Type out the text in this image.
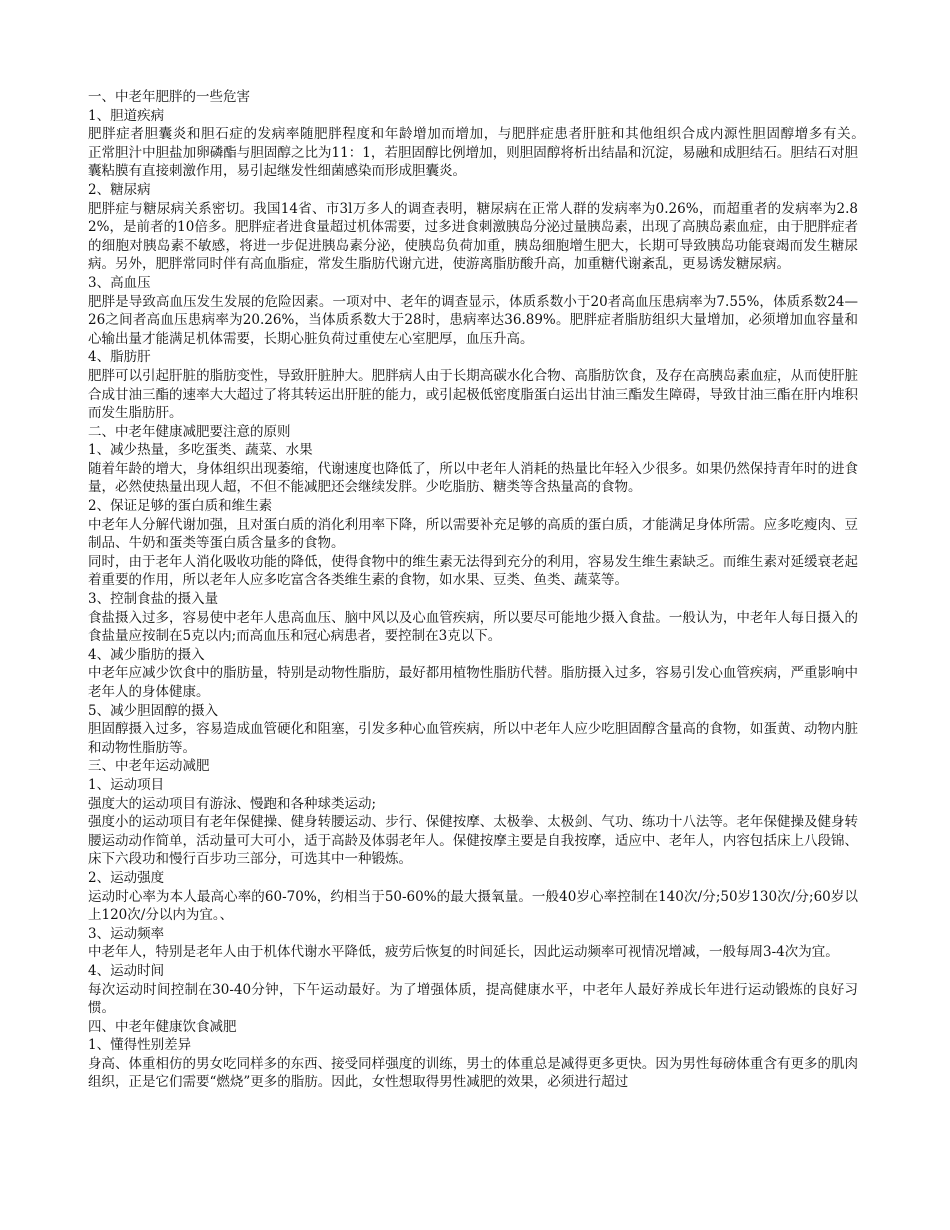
一、中老年肥胖的一些危害

1、胆道疾病

肥胖症者胆囊炎和胆石症的发病率随肥胖程度和年龄增加而增加，与肥胖症患者肝脏和其他组织合成内源性胆固醇增多有关。　　正常胆汁中胆盐加卵磷酯与胆固醇之比为11：1，若胆固醇比例增加，则胆固醇将析出结晶和沉淀，易融和成胆结石。胆结石对胆囊粘膜有直接刺激作用，易引起继发性细菌感染而形成胆囊炎。

2、糖尿病

肥胖症与糖尿病关系密切。我国14省、市3l万多人的调查表明，糖尿病在正常人群的发病率为0.26%，而超重者的发病率为2.82%，是前者的10倍多。肥胖症者进食量超过机体需要，过多进食刺激胰岛分泌过量胰岛素，出现了高胰岛素血症，由于肥胖症者的细胞对胰岛素不敏感，将进一步促进胰岛素分泌，使胰岛负荷加重，胰岛细胞增生肥大，长期可导致胰岛功能衰竭而发生糖尿病。另外，肥胖常同时伴有高血脂症，常发生脂肪代谢亢进，使游离脂肪酸升高，加重糖代谢紊乱，更易诱发糖尿病。

3、高血压

肥胖是导致高血压发生发展的危险因素。一项对中、老年的调查显示，体质系数小于20者高血压患病率为7.55%，体质系数24—26之间者高血压患病率为20.26%，当体质系数大于28时，患病率达36.89%。肥胖症者脂肪组织大量增加，必须增加血容量和心输出量才能满足机体需要，长期心脏负荷过重使左心室肥厚，血压升高。

4、脂肪肝

肥胖可以引起肝脏的脂肪变性，导致肝脏肿大。肥胖病人由于长期高碳水化合物、高脂肪饮食，及存在高胰岛素血症，从而使肝脏合成甘油三酯的速率大大超过了将其转运出肝脏的能力，或引起极低密度脂蛋白运出甘油三酯发生障碍，导致甘油三酯在肝内堆积而发生脂肪肝。

二、中老年健康减肥要注意的原则

1、减少热量，多吃蛋类、蔬菜、水果

随着年龄的增大，身体组织出现萎缩，代谢速度也降低了，所以中老年人消耗的热量比年轻入少很多。如果仍然保持青年时的进食量，必然使热量出现人超，不但不能减肥还会继续发胖。少吃脂肪、糖类等含热量高的食物。

2、保证足够的蛋白质和维生素

中老年人分解代谢加强，且对蛋白质的消化利用率下降，所以需要补充足够的高质的蛋白质，才能满足身体所需。应多吃瘦肉、豆制品、牛奶和蛋类等蛋白质含量多的食物。

同时，由于老年人消化吸收功能的降低，使得食物中的维生素无法得到充分的利用，容易发生维生素缺乏。而维生素对延缓衰老起着重要的作用，所以老年人应多吃富含各类维生素的食物，如水果、豆类、鱼类、蔬菜等。

3、控制食盐的摄入量

食盐摄入过多，容易使中老年人患高血压、脑中风以及心血管疾病，所以要尽可能地少摄入食盐。一般认为，中老年人每日摄入的食盐量应按制在5克以内;而高血压和冠心病患者，要控制在3克以下。

4、减少脂肪的摄入

中老年应减少饮食中的脂肪量，特别是动物性脂肪，最好都用植物性脂肪代替。脂肪摄入过多，容易引发心血管疾病，严重影响中老年人的身体健康。

5、减少胆固醇的摄入

胆固醇摄入过多，容易造成血管硬化和阻塞，引发多种心血管疾病，所以中老年人应少吃胆固醇含量高的食物，如蛋黄、动物内脏和动物性脂肪等。

三、中老年运动减肥

1、运动项目

强度大的运动项目有游泳、慢跑和各种球类运动;

强度小的运动项目有老年保健操、健身转腰运动、步行、保健按摩、太极拳、太极剑、气功、练功十八法等。老年保健操及健身转腰运动动作简单，活动量可大可小，适于高龄及体弱老年人。保健按摩主要是自我按摩，适应中、老年人，内容包括床上八段锦、床下六段功和慢行百步功三部分，可选其中一种锻炼。

2、运动强度

运动时心率为本人最高心率的60-70%，约相当于50-60%的最大摄氧量。一般40岁心率控制在140次/分;50岁130次/分;60岁以上120次/分以内为宜。、

3、运动频率

中老年人，特别是老年人由于机体代谢水平降低，疲劳后恢复的时间延长，因此运动频率可视情况增减，一般每周3-4次为宜。

4、运动时间

每次运动时间控制在30-40分钟，下午运动最好。为了增强体质，提高健康水平，中老年人最好养成长年进行运动锻炼的良好习惯。

四、中老年健康饮食减肥

1、懂得性别差异

身高、体重相仿的男女吃同样多的东西、接受同样强度的训练，男士的体重总是减得更多更快。因为男性每磅体重含有更多的肌肉组织，正是它们需要“燃烧”更多的脂肪。因此，女性想取得男性减肥的效果，必须进行超过
